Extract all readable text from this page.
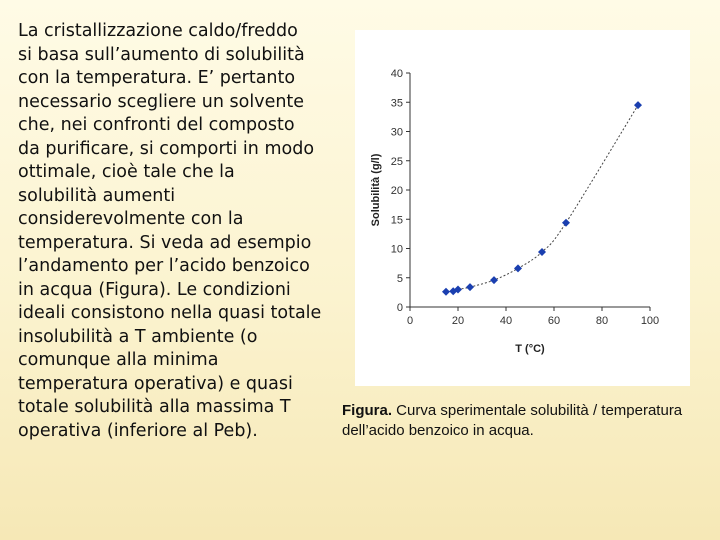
La cristallizzazione caldo/freddo
si basa sull’aumento di solubilità
con la temperatura. E’ pertanto
necessario scegliere un solvente
che, nei confronti del composto
da purificare, si comporti in modo
ottimale, cioè tale che la
solubilità aumenti
considerevolmente con la
temperatura. Si veda ad esempio
l’andamento per l’acido benzoico
in acqua (Figura). Le condizioni
ideali consistono nella quasi totale
insolubilità a T ambiente (o
comunque alla minima
temperatura operativa) e quasi
totale solubilità alla massima T
operativa (inferiore al Peb).
0
5
10
15
20
25
30
35
40
0	20	40	60	80	100
T (°C)
Solubilità (g/l)
Figura. Curva sperimentale solubilità / temperatura dell’acido benzoico in acqua.
